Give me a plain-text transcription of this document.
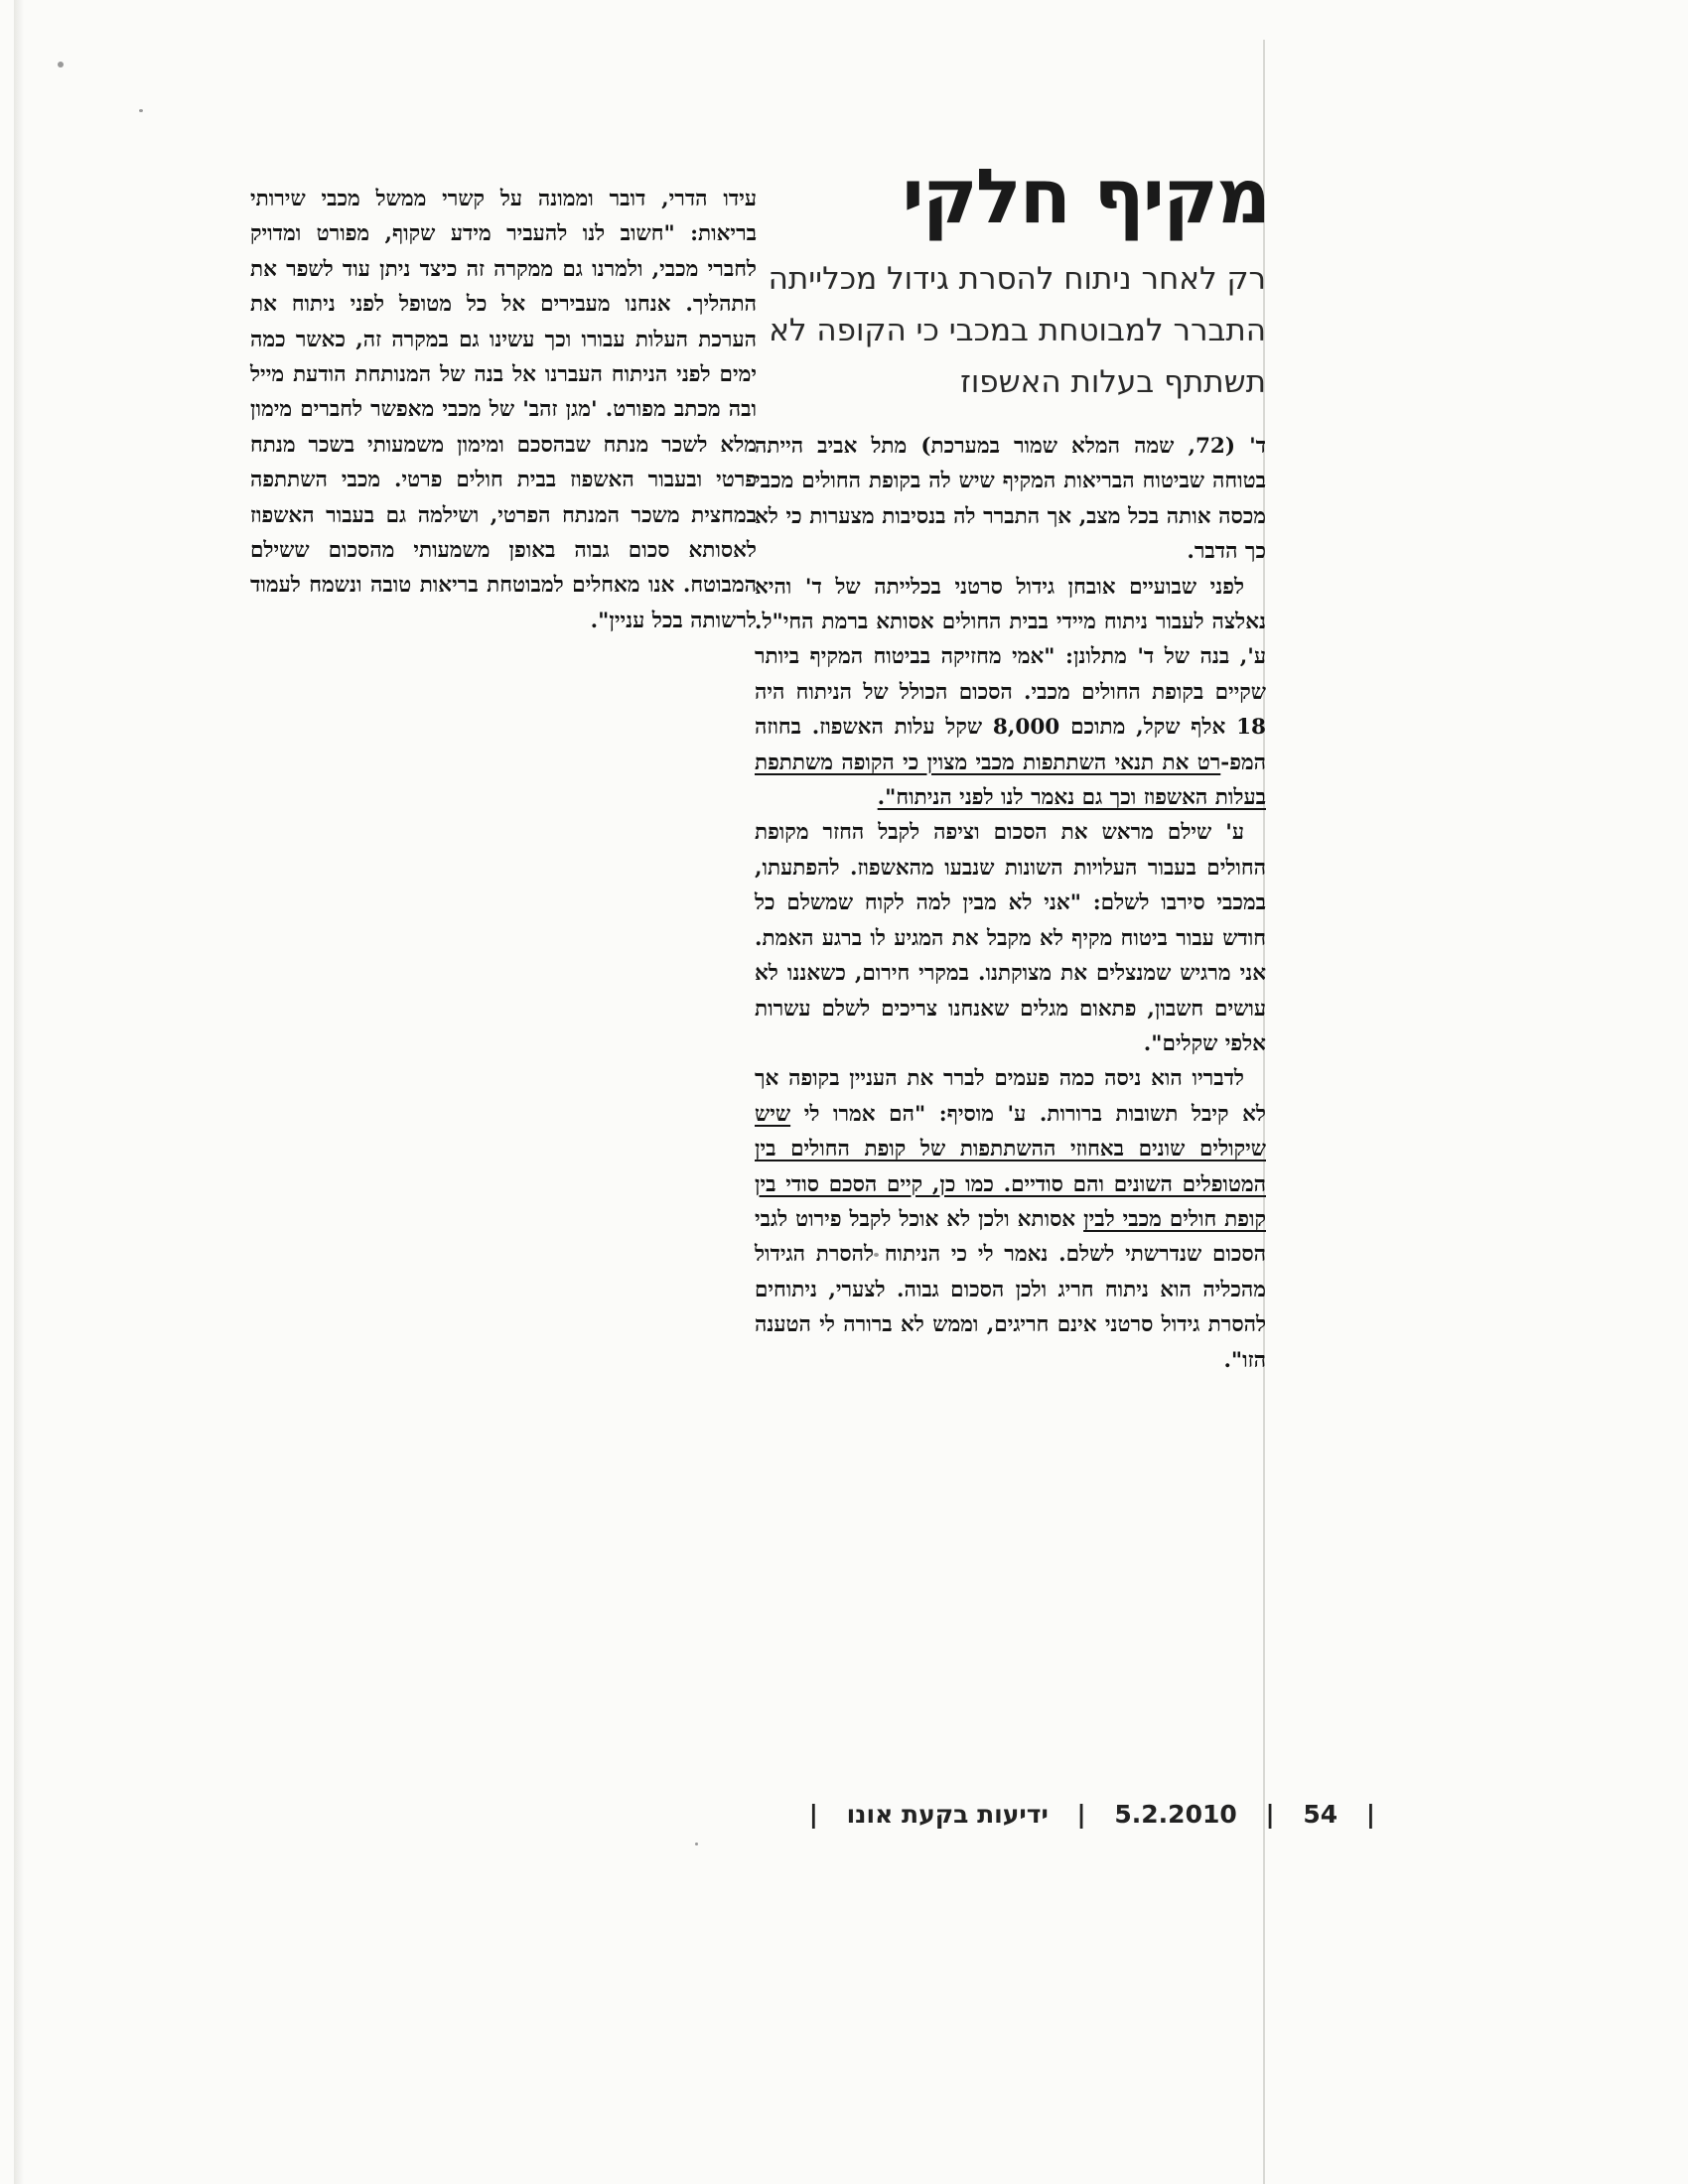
מקיף חלקי
רק לאחר ניתוח להסרת גידול מכלייתה התברר למבוטחת במכבי כי הקופה לא תשתתף בעלות האשפוז

ד' (72, שמה המלא שמור במערכת) מתל אביב הייתה בטוחה שביטוח הבריאות המקיף שיש לה בקופת החולים מכבי מכסה אותה בכל מצב, אך התברר לה בנסיבות מצערות כי לא כך הדבר.

לפני שבועיים אובחן גידול סרטני בכלייתה של ד' והיא נאלצה לעבור ניתוח מיידי בבית החולים אסותא ברמת החי"ל. ע', בנה של ד' מתלונן: "אמי מחזיקה בביטוח המקיף ביותר שקיים בקופת החולים מכבי. הסכום הכולל של הניתוח היה 18 אלף שקל, מתוכם 8,000 שקל עלות האשפוז. בחוזה המפ-רט את תנאי השתתפות מכבי מצוין כי הקופה משתתפת בעלות האשפוז וכך גם נאמר לנו לפני הניתוח".

ע' שילם מראש את הסכום וציפה לקבל החזר מקופת החולים בעבור העלויות השונות שנבעו מהאשפוז. להפתעתו, במכבי סירבו לשלם: "אני לא מבין למה לקוח שמשלם כל חודש עבור ביטוח מקיף לא מקבל את המגיע לו ברגע האמת. אני מרגיש שמנצלים את מצוקתנו. במקרי חירום, כשאננו לא עושים חשבון, פתאום מגלים שאנחנו צריכים לשלם עשרות אלפי שקלים".

לדבריו הוא ניסה כמה פעמים לברר את העניין בקופה אך לא קיבל תשובות ברורות. ע' מוסיף: "הם אמרו לי שיש שיקולים שונים באחוזי ההשתתפות של קופת החולים בין המטופלים השונים והם סודיים. כמו כן, קיים הסכם סודי בין קופת חולים מכבי לבין אסותא ולכן לא אוכל לקבל פירוט לגבי הסכום שנדרשתי לשלם. נאמר לי כי הניתוח להסרת הגידול מהכליה הוא ניתוח חריג ולכן הסכום גבוה. לצערי, ניתוחים להסרת גידול סרטני אינם חריגים, וממש לא ברורה לי הטענה הזו".

עידו הדרי, דובר וממונה על קשרי ממשל מכבי שירותי בריאות: "חשוב לנו להעביר מידע שקוף, מפורט ומדויק לחברי מכבי, ולמרנו גם ממקרה זה כיצד ניתן עוד לשפר את התהליך. אנחנו מעבירים אל כל מטופל לפני ניתוח את הערכת העלות עבורו וכך עשינו גם במקרה זה, כאשר כמה ימים לפני הניתוח העברנו אל בנה של המנותחת הודעת מייל ובה מכתב מפורט. 'מגן זהב' של מכבי מאפשר לחברים מימון מלא לשכר מנתח שבהסכם ומימון משמעותי בשכר מנתח פרטי ובעבור האשפוז בבית חולים פרטי. מכבי השתתפה במחצית משכר המנתח הפרטי, ושילמה גם בעבור האשפוז לאסותא סכום גבוה באופן משמעותי מהסכום ששילם המבוטח. אנו מאחלים למבוטחת בריאות טובה ונשמח לעמוד לרשותה בכל עניין".

| 54 | 5.2.2010 | ידיעות בקעת אונו |
